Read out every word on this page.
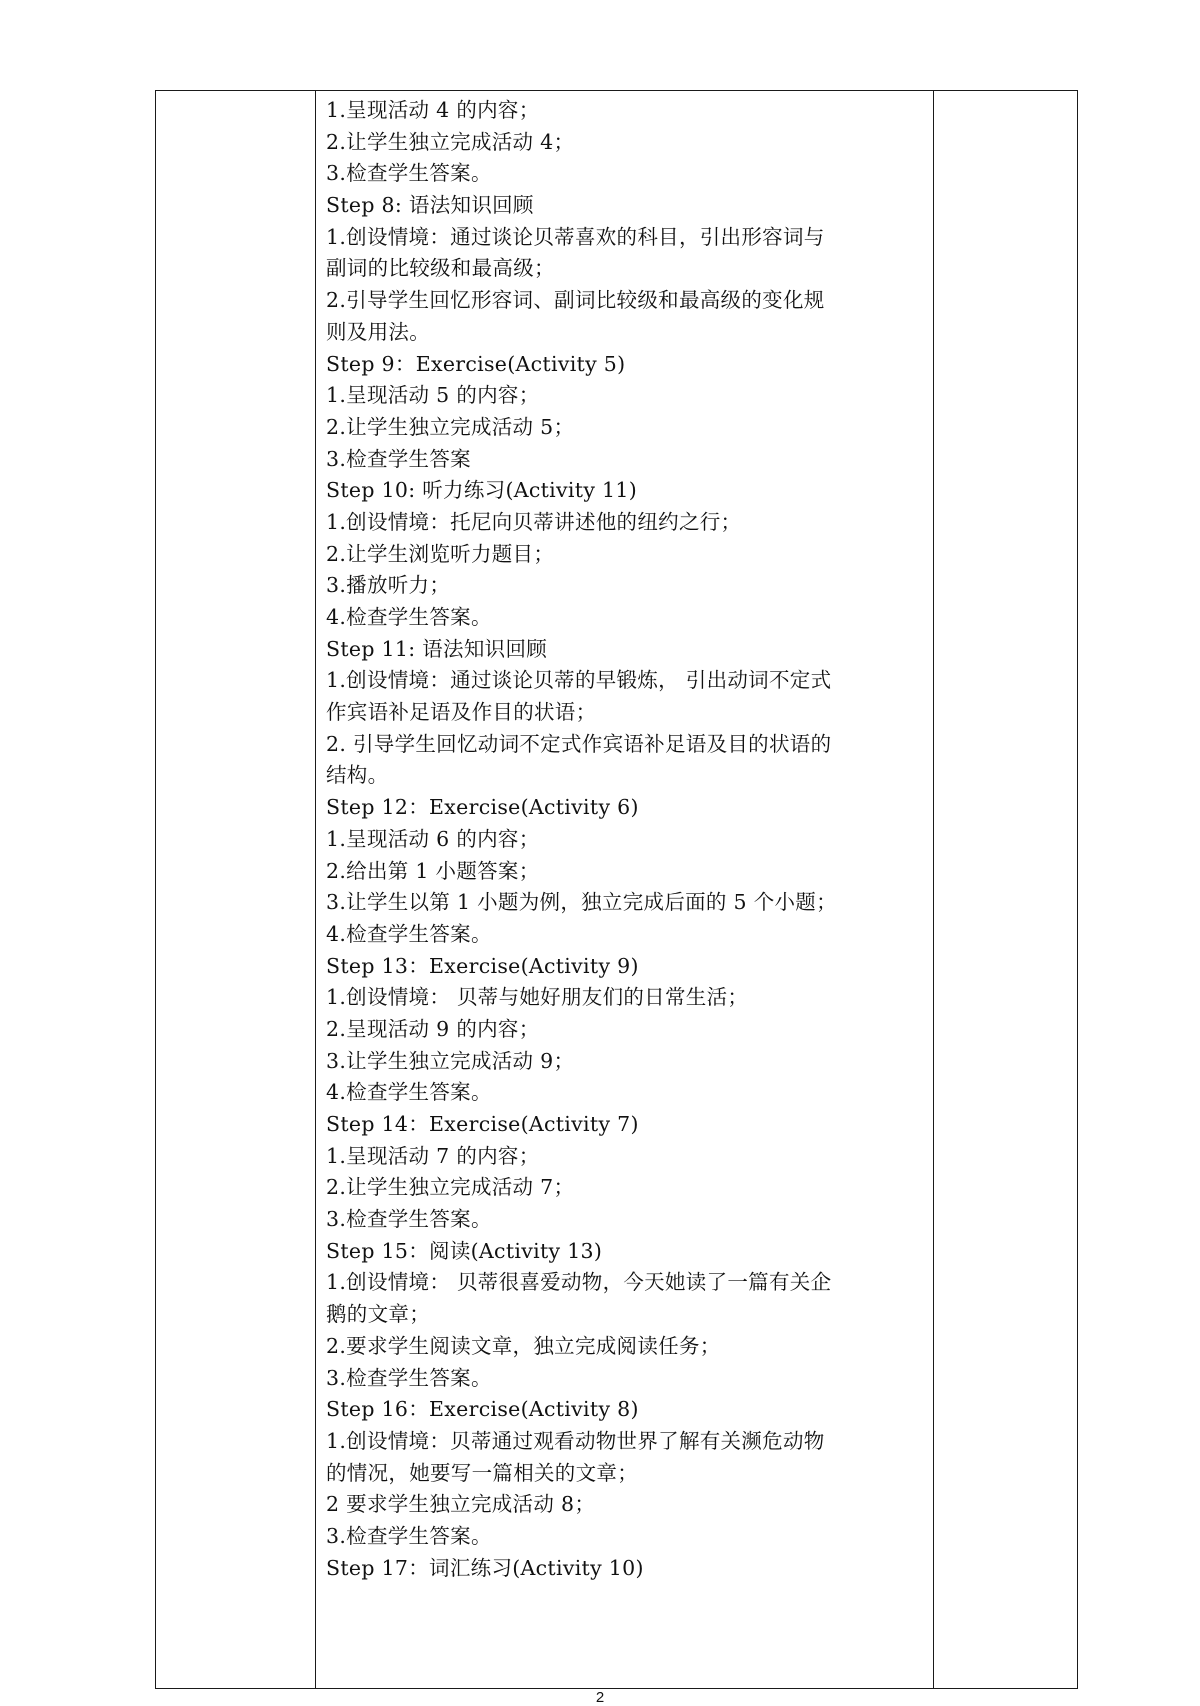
1.呈现活动 4 的内容；
2.让学生独立完成活动 4；
3.检查学生答案。
Step 8: 语法知识回顾
1.创设情境：通过谈论贝蒂喜欢的科目，引出形容词与
副词的比较级和最高级；
2.引导学生回忆形容词、副词比较级和最高级的变化规
则及用法。
Step 9：Exercise(Activity 5)
1.呈现活动 5 的内容；
2.让学生独立完成活动 5；
3.检查学生答案
Step 10: 听力练习(Activity 11)
1.创设情境：托尼向贝蒂讲述他的纽约之行；
2.让学生浏览听力题目；
3.播放听力；
4.检查学生答案。
Step 11: 语法知识回顾
1.创设情境：通过谈论贝蒂的早锻炼， 引出动词不定式
作宾语补足语及作目的状语；
2. 引导学生回忆动词不定式作宾语补足语及目的状语的
结构。
Step 12：Exercise(Activity 6)
1.呈现活动 6 的内容；
2.给出第 1 小题答案；
3.让学生以第 1 小题为例，独立完成后面的 5 个小题；
4.检查学生答案。
Step 13：Exercise(Activity 9)
1.创设情境： 贝蒂与她好朋友们的日常生活；
2.呈现活动 9 的内容；
3.让学生独立完成活动 9；
4.检查学生答案。
Step 14：Exercise(Activity 7)
1.呈现活动 7 的内容；
2.让学生独立完成活动 7；
3.检查学生答案。
Step 15：阅读(Activity 13)
1.创设情境： 贝蒂很喜爱动物，今天她读了一篇有关企
鹅的文章；
2.要求学生阅读文章，独立完成阅读任务；
3.检查学生答案。
Step 16：Exercise(Activity 8)
1.创设情境：贝蒂通过观看动物世界了解有关濒危动物
的情况，她要写一篇相关的文章；
2 要求学生独立完成活动 8；
3.检查学生答案。
Step 17：词汇练习(Activity 10)

2
